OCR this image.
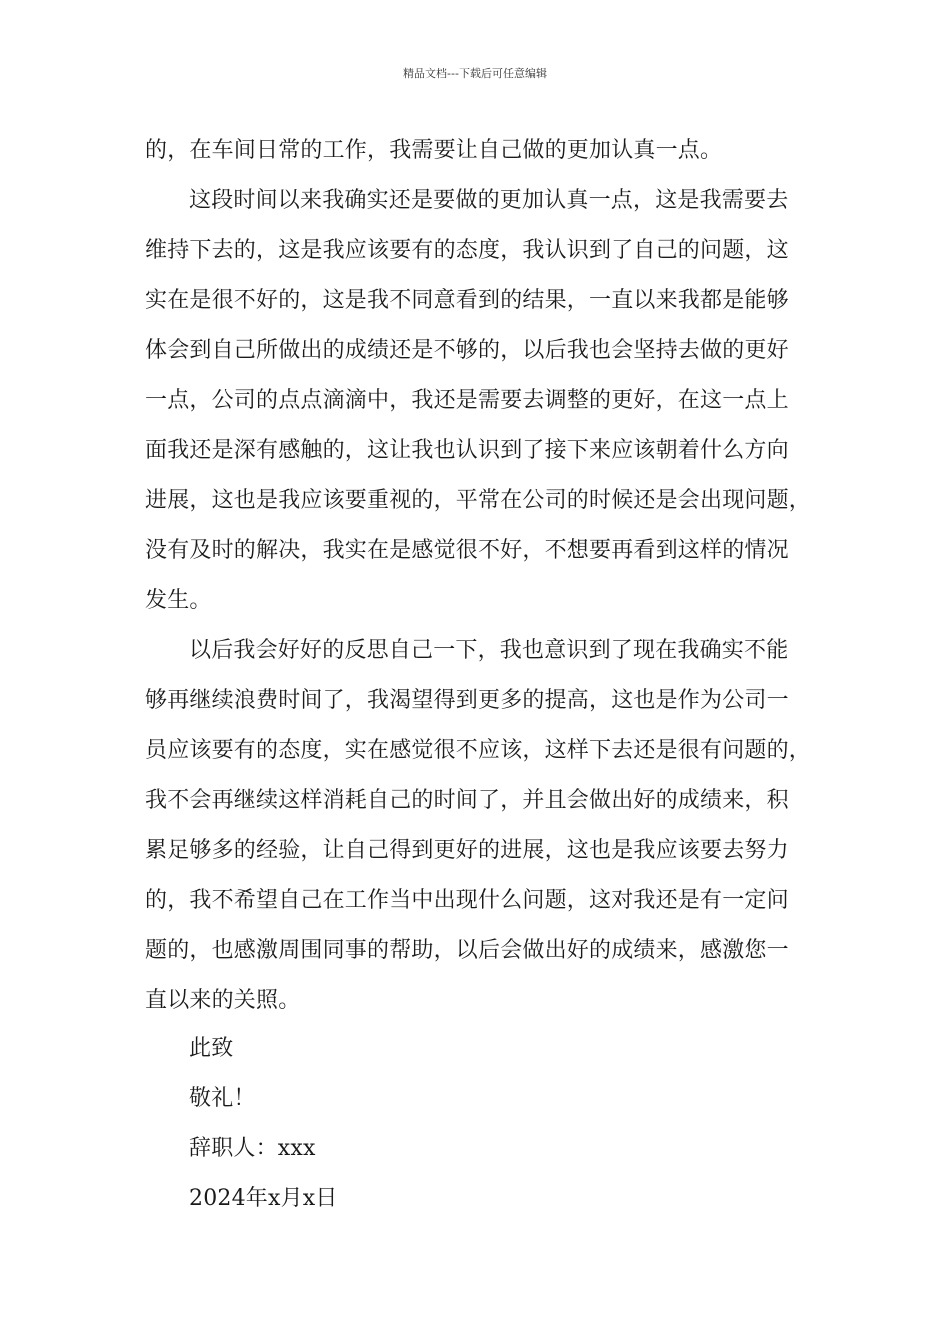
精品文档---下载后可任意编辑
的，在车间日常的工作，我需要让自己做的更加认真一点。
这段时间以来我确实还是要做的更加认真一点，这是我需要去
维持下去的，这是我应该要有的态度，我认识到了自己的问题，这
实在是很不好的，这是我不同意看到的结果，一直以来我都是能够
体会到自己所做出的成绩还是不够的，以后我也会坚持去做的更好
一点，公司的点点滴滴中，我还是需要去调整的更好，在这一点上
面我还是深有感触的，这让我也认识到了接下来应该朝着什么方向
进展，这也是我应该要重视的，平常在公司的时候还是会出现问题，
没有及时的解决，我实在是感觉很不好，不想要再看到这样的情况
发生。
以后我会好好的反思自己一下，我也意识到了现在我确实不能
够再继续浪费时间了，我渴望得到更多的提高，这也是作为公司一
员应该要有的态度，实在感觉很不应该，这样下去还是很有问题的，
我不会再继续这样消耗自己的时间了，并且会做出好的成绩来，积
累足够多的经验，让自己得到更好的进展，这也是我应该要去努力
的，我不希望自己在工作当中出现什么问题，这对我还是有一定问
题的，也感激周围同事的帮助，以后会做出好的成绩来，感激您一
直以来的关照。
此致
敬礼！
辞职人：xxx
2024年x月x日
